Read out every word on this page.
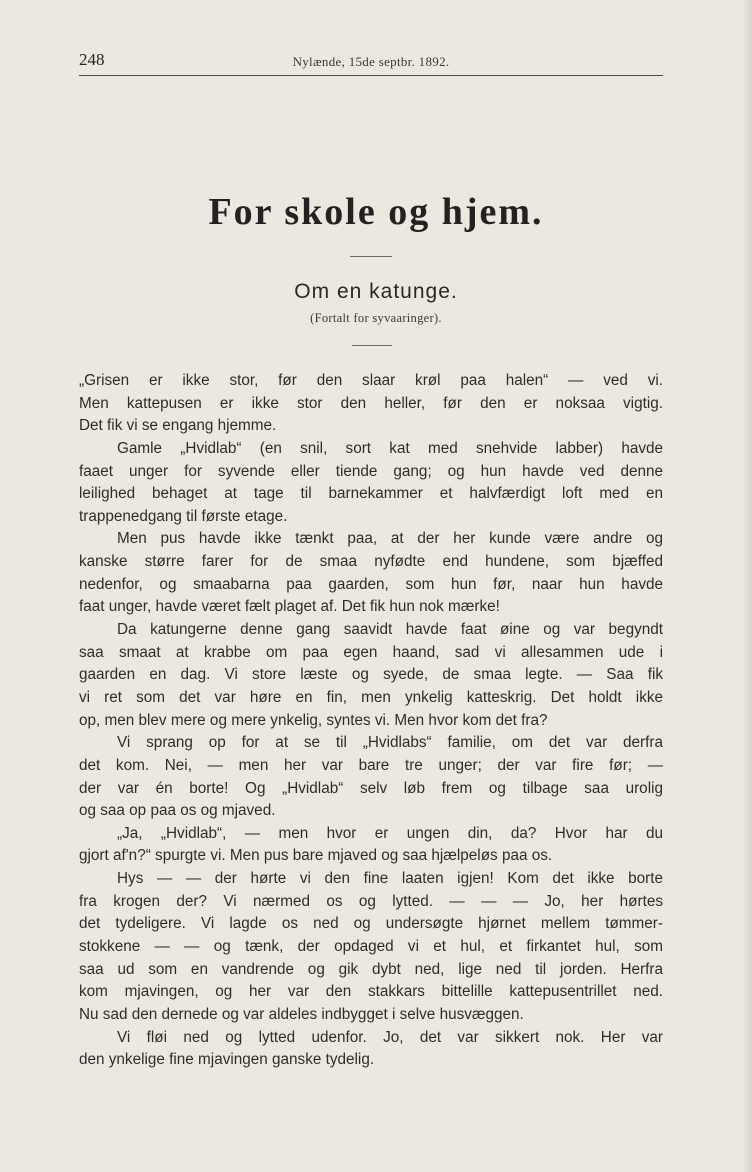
248	Nylænde, 15de septbr. 1892.
For skole og hjem.
Om en katunge.
(Fortalt for syvaaringer).
„Grisen er ikke stor, før den slaar krøl paa halen“ — ved vi.
Men kattepusen er ikke stor den heller, før den er noksaa vigtig.
Det fik vi se engang hjemme.
Gamle „Hvidlab“ (en snil, sort kat med snehvide labber) havde
faaet unger for syvende eller tiende gang; og hun havde ved denne
leilighed behaget at tage til barnekammer et halvfærdigt loft med en
trappenedgang til første etage.
Men pus havde ikke tænkt paa, at der her kunde være andre og
kanske større farer for de smaa nyfødte end hundene, som bjæffed
nedenfor, og smaabarna paa gaarden, som hun før, naar hun havde
faat unger, havde været fælt plaget af. Det fik hun nok mærke!
Da katungerne denne gang saavidt havde faat øine og var begyndt
saa smaat at krabbe om paa egen haand, sad vi allesammen ude i
gaarden en dag. Vi store læste og syede, de smaa legte. — Saa fik
vi ret som det var høre en fin, men ynkelig katteskrig. Det holdt ikke
op, men blev mere og mere ynkelig, syntes vi. Men hvor kom det fra?
Vi sprang op for at se til „Hvidlabs“ familie, om det var derfra
det kom. Nei, — men her var bare tre unger; der var fire før; —
der var én borte! Og „Hvidlab“ selv løb frem og tilbage saa urolig
og saa op paa os og mjaved.
„Ja, „Hvidlab“, — men hvor er ungen din, da? Hvor har du
gjort af'n?“ spurgte vi. Men pus bare mjaved og saa hjælpeløs paa os.
Hys — — der hørte vi den fine laaten igjen! Kom det ikke borte
fra krogen der? Vi nærmed os og lytted. — — — Jo, her hørtes
det tydeligere. Vi lagde os ned og undersøgte hjørnet mellem tømmer-
stokkene — — og tænk, der opdaged vi et hul, et firkantet hul, som
saa ud som en vandrende og gik dybt ned, lige ned til jorden. Herfra
kom mjavingen, og her var den stakkars bittelille kattepusentrillet ned.
Nu sad den dernede og var aldeles indbygget i selve husvæggen.
Vi fløi ned og lytted udenfor. Jo, det var sikkert nok. Her var
den ynkelige fine mjavingen ganske tydelig.
